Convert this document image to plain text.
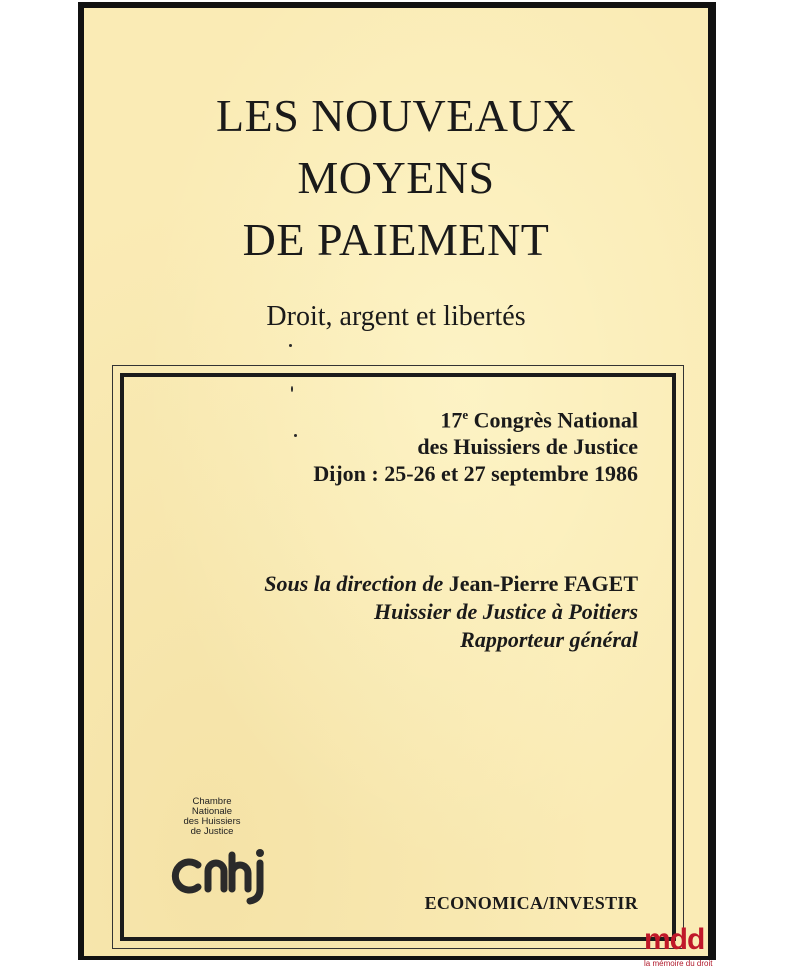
LES NOUVEAUX
MOYENS
DE PAIEMENT
Droit, argent et libertés
17e Congrès National
des Huissiers de Justice
Dijon : 25-26 et 27 septembre 1986
Sous la direction de Jean-Pierre FAGET
Huissier de Justice à Poitiers
Rapporteur général
Chambre
Nationale
des Huissiers
de Justice
cnhj	ECONOMICA/INVESTIR
mdd
la mémoire du droit
